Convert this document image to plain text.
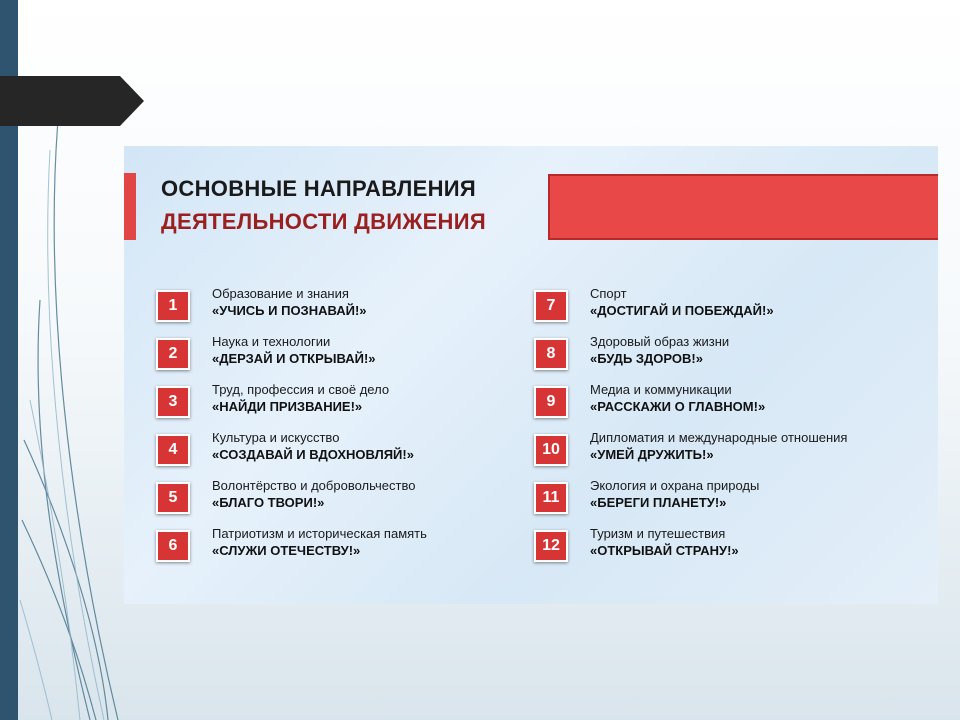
ОСНОВНЫЕ НАПРАВЛЕНИЯ
ДЕЯТЕЛЬНОСТИ ДВИЖЕНИЯ
1
Образование и знания
«УЧИСЬ И ПОЗНАВАЙ!»
2
Наука и технологии
«ДЕРЗАЙ И ОТКРЫВАЙ!»
3
Труд, профессия и своё дело
«НАЙДИ ПРИЗВАНИЕ!»
4
Культура и искусство
«СОЗДАВАЙ И ВДОХНОВЛЯЙ!»
5
Волонтёрство и добровольчество
«БЛАГО ТВОРИ!»
6
Патриотизм и историческая память
«СЛУЖИ ОТЕЧЕСТВУ!»
7
Спорт
«ДОСТИГАЙ И ПОБЕЖДАЙ!»
8
Здоровый образ жизни
«БУДЬ ЗДОРОВ!»
9
Медиа и коммуникации
«РАССКАЖИ О ГЛАВНОМ!»
10
Дипломатия и международные отношения
«УМЕЙ ДРУЖИТЬ!»
11
Экология и охрана природы
«БЕРЕГИ ПЛАНЕТУ!»
12
Туризм и путешествия
«ОТКРЫВАЙ СТРАНУ!»
